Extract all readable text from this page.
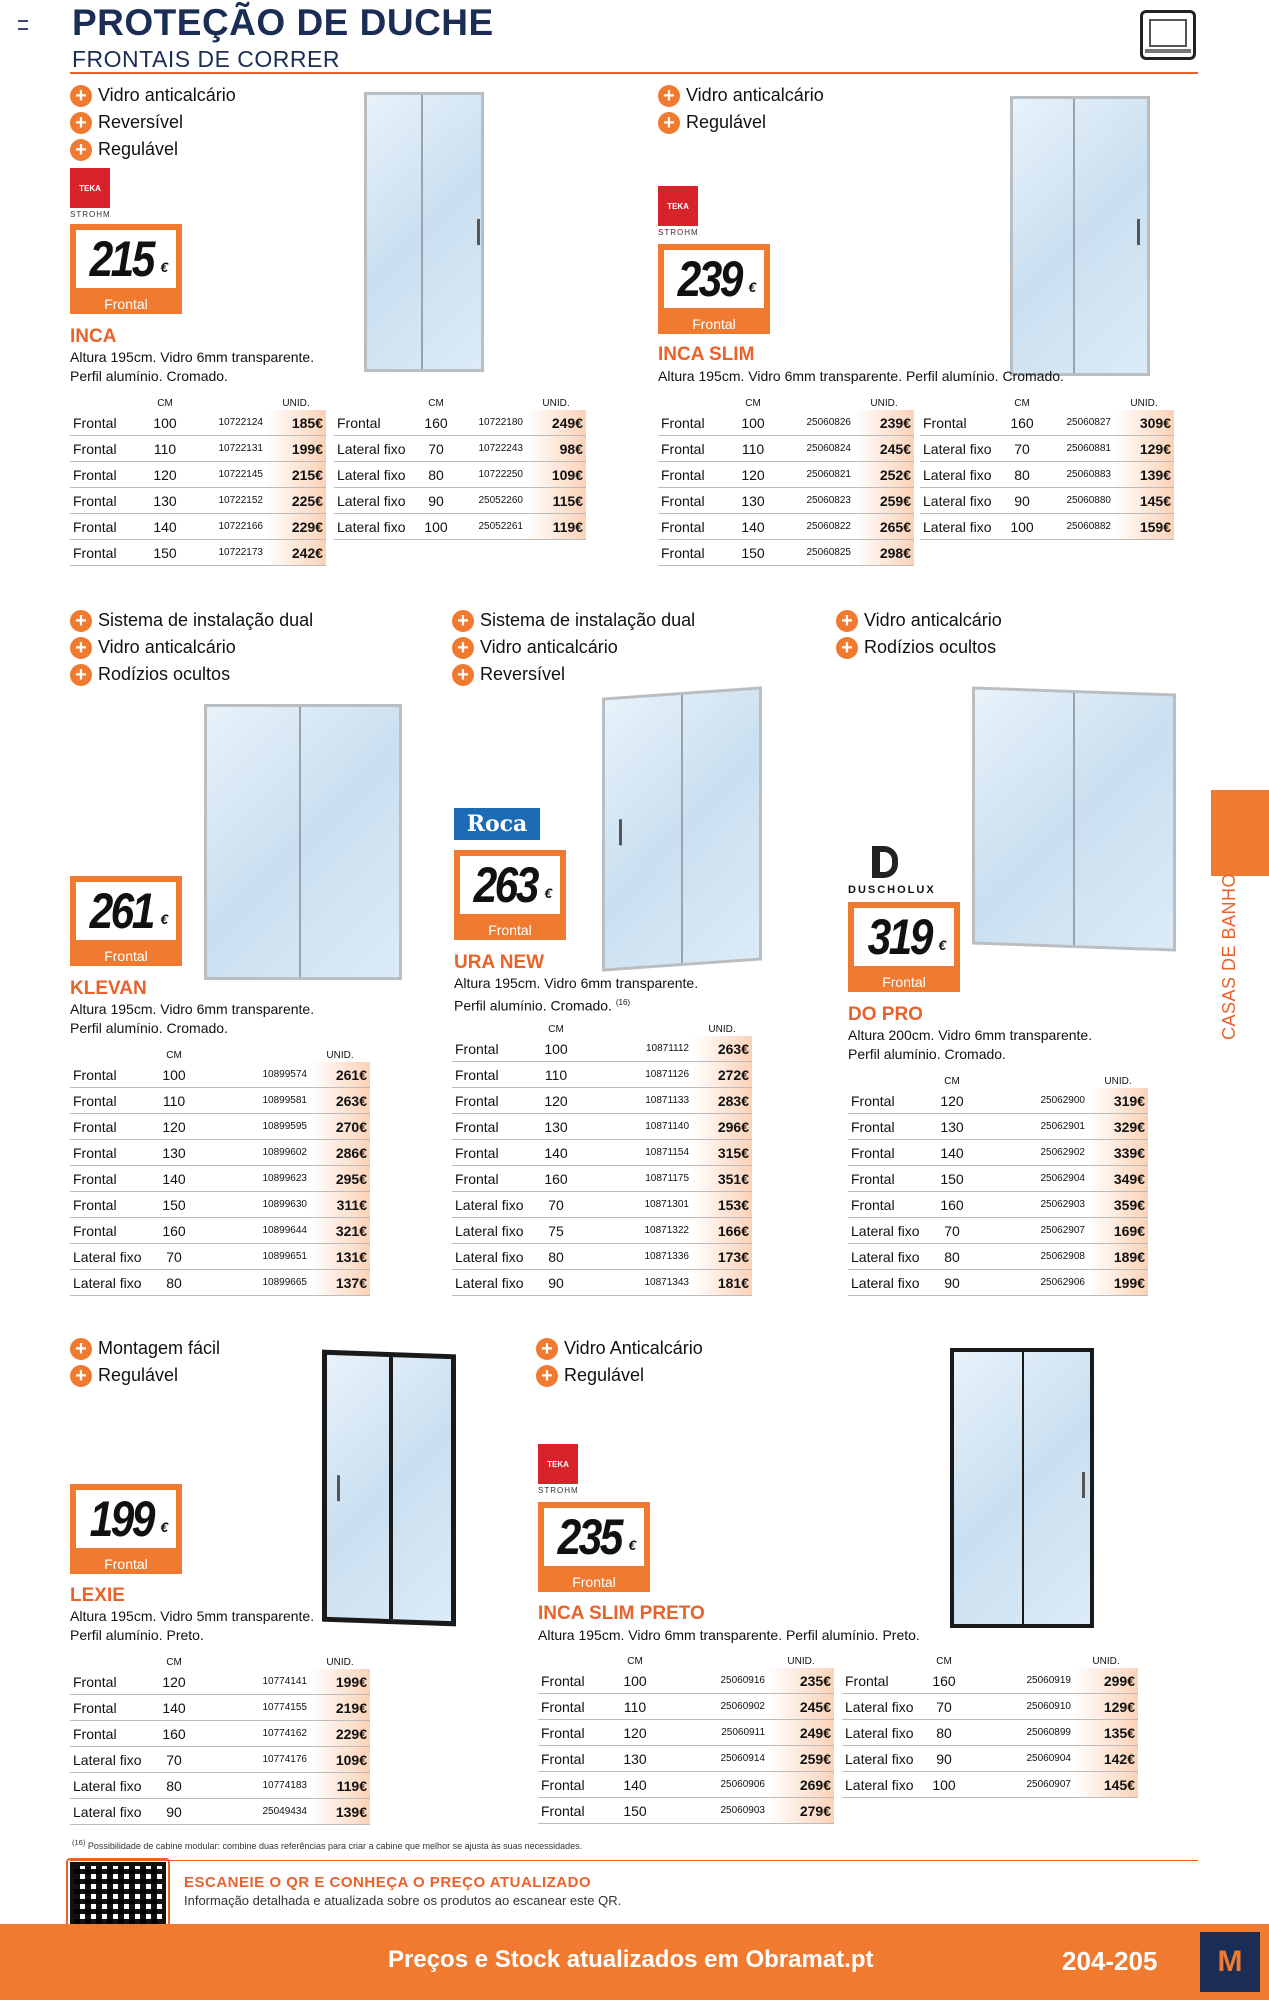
PROTEÇÃO DE DUCHE
FRONTAIS DE CORRER
CASAS DE BANHO
+ Vidro anticalcário
+ Reversível
+ Regulável
TEKA
STROHM
215 €
Frontal
INCA
Altura 195cm. Vidro 6mm transparente.
Perfil alumínio. Cromado.
	CM		UNID.
Frontal	100	10722124	185€
Frontal	110	10722131	199€
Frontal	120	10722145	215€
Frontal	130	10722152	225€
Frontal	140	10722166	229€
Frontal	150	10722173	242€
	CM		UNID.
Frontal	160	10722180	249€
Lateral fixo	70	10722243	98€
Lateral fixo	80	10722250	109€
Lateral fixo	90	25052260	115€
Lateral fixo	100	25052261	119€
+ Vidro anticalcário
+ Regulável
TEKA
STROHM
239 €
Frontal
INCA SLIM
Altura 195cm. Vidro 6mm transparente. Perfil alumínio. Cromado.
	CM		UNID.
Frontal	100	25060826	239€
Frontal	110	25060824	245€
Frontal	120	25060821	252€
Frontal	130	25060823	259€
Frontal	140	25060822	265€
Frontal	150	25060825	298€
	CM		UNID.
Frontal	160	25060827	309€
Lateral fixo	70	25060881	129€
Lateral fixo	80	25060883	139€
Lateral fixo	90	25060880	145€
Lateral fixo	100	25060882	159€
+ Sistema de instalação dual
+ Vidro anticalcário
+ Rodízios ocultos
261 €
Frontal
KLEVAN
Altura 195cm. Vidro 6mm transparente.
Perfil alumínio. Cromado.
	CM		UNID.
Frontal	100	10899574	261€
Frontal	110	10899581	263€
Frontal	120	10899595	270€
Frontal	130	10899602	286€
Frontal	140	10899623	295€
Frontal	150	10899630	311€
Frontal	160	10899644	321€
Lateral fixo	70	10899651	131€
Lateral fixo	80	10899665	137€
+ Sistema de instalação dual
+ Vidro anticalcário
+ Reversível
Roca
263 €
Frontal
URA NEW
Altura 195cm. Vidro 6mm transparente.
Perfil alumínio. Cromado. $^{(16)}$
	CM		UNID.
Frontal	100	10871112	263€
Frontal	110	10871126	272€
Frontal	120	10871133	283€
Frontal	130	10871140	296€
Frontal	140	10871154	315€
Frontal	160	10871175	351€
Lateral fixo	70	10871301	153€
Lateral fixo	75	10871322	166€
Lateral fixo	80	10871336	173€
Lateral fixo	90	10871343	181€
+ Vidro anticalcário
+ Rodízios ocultos
DUSCHOLUX
319 €
Frontal
DO PRO
Altura 200cm. Vidro 6mm transparente.
Perfil alumínio. Cromado.
	CM		UNID.
Frontal	120	25062900	319€
Frontal	130	25062901	329€
Frontal	140	25062902	339€
Frontal	150	25062904	349€
Frontal	160	25062903	359€
Lateral fixo	70	25062907	169€
Lateral fixo	80	25062908	189€
Lateral fixo	90	25062906	199€
+ Montagem fácil
+ Regulável
199 €
Frontal
LEXIE
Altura 195cm. Vidro 5mm transparente.
Perfil alumínio. Preto.
	CM		UNID.
Frontal	120	10774141	199€
Frontal	140	10774155	219€
Frontal	160	10774162	229€
Lateral fixo	70	10774176	109€
Lateral fixo	80	10774183	119€
Lateral fixo	90	25049434	139€
+ Vidro Anticalcário
+ Regulável
TEKA
STROHM
235 €
Frontal
INCA SLIM PRETO
Altura 195cm. Vidro 6mm transparente. Perfil alumínio. Preto.
	CM		UNID.
Frontal	100	25060916	235€
Frontal	110	25060902	245€
Frontal	120	25060911	249€
Frontal	130	25060914	259€
Frontal	140	25060906	269€
Frontal	150	25060903	279€
	CM		UNID.
Frontal	160	25060919	299€
Lateral fixo	70	25060910	129€
Lateral fixo	80	25060899	135€
Lateral fixo	90	25060904	142€
Lateral fixo	100	25060907	145€
$^{(16)}$ Possibilidade de cabine modular: combine duas referências para criar a cabine que melhor se ajusta às suas necessidades.
ESCANEIE O QR E CONHEÇA O PREÇO ATUALIZADO
Informação detalhada e atualizada sobre os produtos ao escanear este QR.
Preços e Stock atualizados em Obramat.pt	204-205	M
